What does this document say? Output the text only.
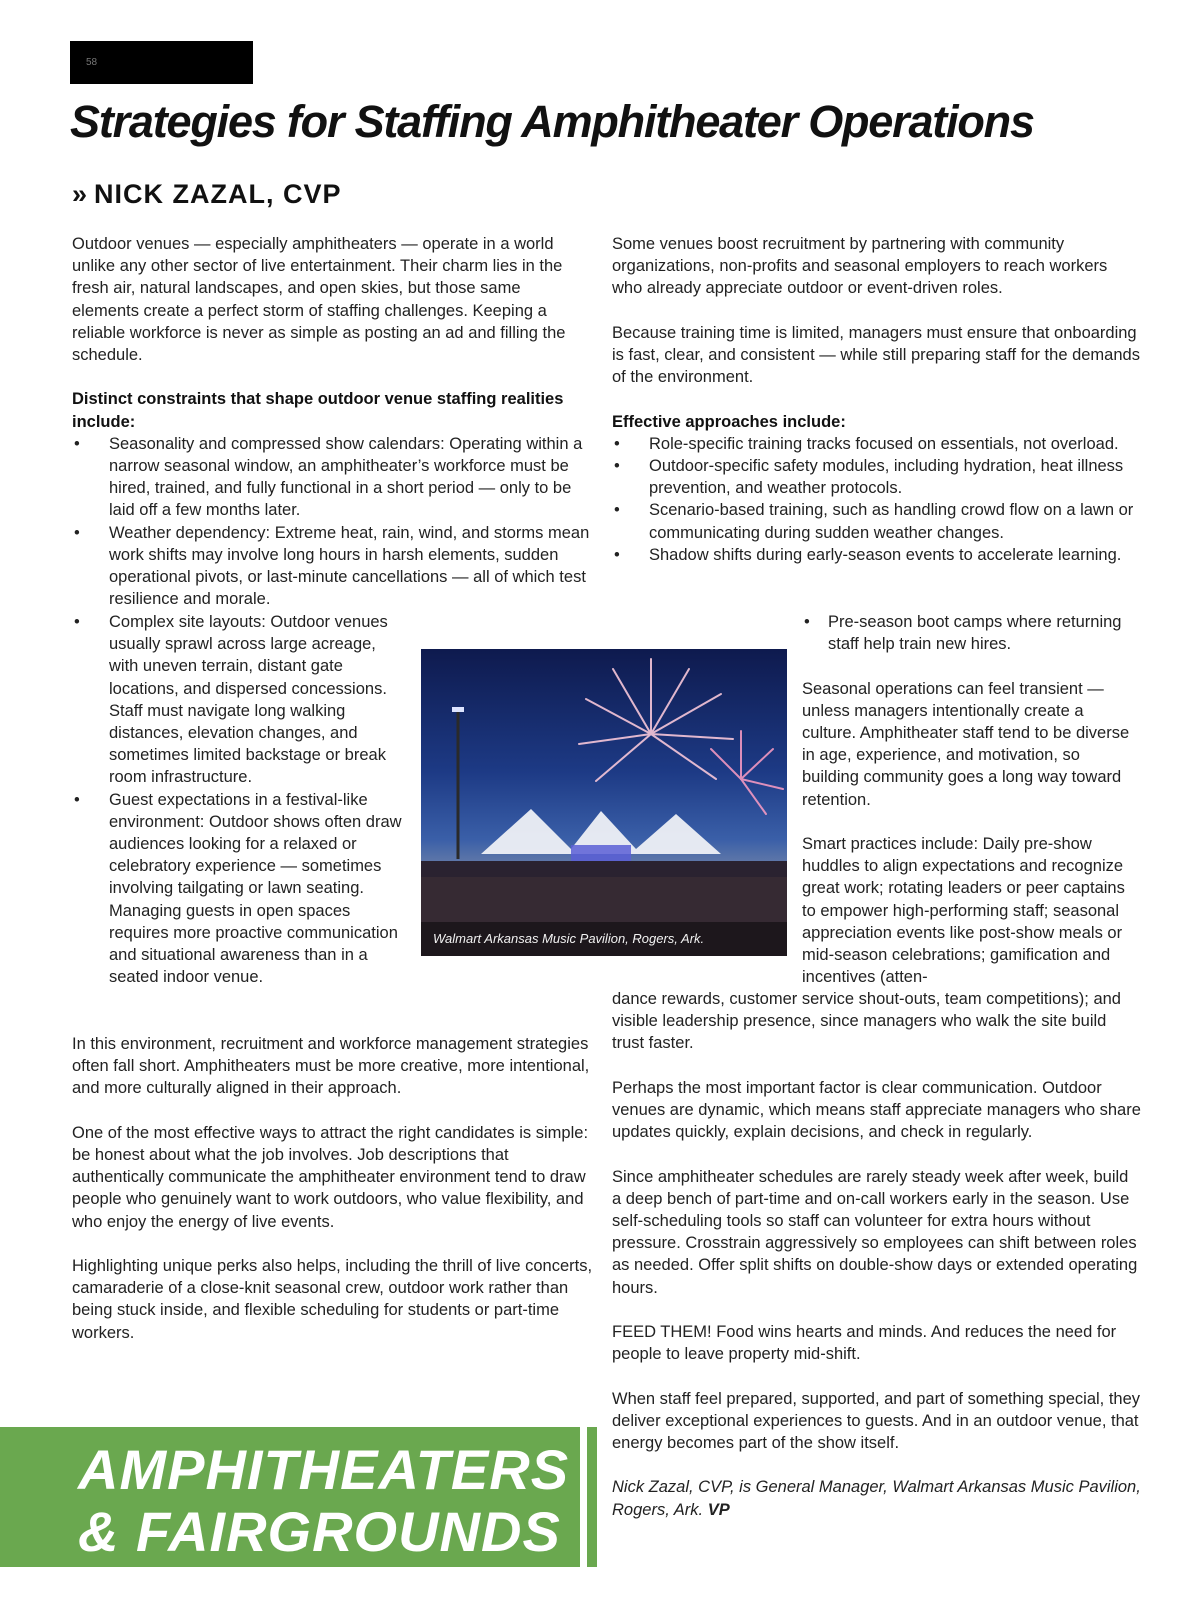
58
Strategies for Staffing Amphitheater Operations
» NICK ZAZAL, CVP

Outdoor venues — especially amphitheaters — operate in a world unlike any other sector of live entertainment. Their charm lies in the fresh air, natural landscapes, and open skies, but those same elements create a perfect storm of staffing challenges. Keeping a reliable workforce is never as simple as posting an ad and filling the schedule.

Distinct constraints that shape outdoor venue staffing realities include:
• Seasonality and compressed show calendars: Operating within a narrow seasonal window, an amphitheater’s workforce must be hired, trained, and fully functional in a short period — only to be laid off a few months later.
• Weather dependency: Extreme heat, rain, wind, and storms mean work shifts may involve long hours in harsh elements, sudden operational pivots, or last-minute cancellations — all of which test resilience and morale.
• Complex site layouts: Outdoor venues usually sprawl across large acreage, with uneven terrain, distant gate locations, and dispersed concessions. Staff must navigate long walking distances, elevation changes, and sometimes limited backstage or break room infrastructure.
• Guest expectations in a festival-like environment: Outdoor shows often draw audiences looking for a relaxed or celebratory experience — sometimes involving tailgating or lawn seating. Managing guests in open spaces requires more proactive communication and situational awareness than in a seated indoor venue.

In this environment, recruitment and workforce management strategies often fall short. Amphitheaters must be more creative, more intentional, and more culturally aligned in their approach.

One of the most effective ways to attract the right candidates is simple: be honest about what the job involves. Job descriptions that authentically communicate the amphitheater environment tend to draw people who genuinely want to work outdoors, who value flexibility, and who enjoy the energy of live events.

Highlighting unique perks also helps, including the thrill of live concerts, camaraderie of a close-knit seasonal crew, outdoor work rather than being stuck inside, and flexible scheduling for students or part-time workers.

Some venues boost recruitment by partnering with community organizations, non-profits and seasonal employers to reach workers who already appreciate outdoor or event-driven roles.

Because training time is limited, managers must ensure that onboarding is fast, clear, and consistent — while still preparing staff for the demands of the environment.

Effective approaches include:
• Role-specific training tracks focused on essentials, not overload.
• Outdoor-specific safety modules, including hydration, heat illness prevention, and weather protocols.
• Scenario-based training, such as handling crowd flow on a lawn or communicating during sudden weather changes.
• Shadow shifts during early-season events to accelerate learning.
• Pre-season boot camps where returning staff help train new hires.

Seasonal operations can feel transient — unless managers intentionally create a culture. Amphitheater staff tend to be diverse in age, experience, and motivation, so building community goes a long way toward retention.

Smart practices include: Daily pre-show huddles to align expectations and recognize great work; rotating leaders or peer captains to empower high-performing staff; seasonal appreciation events like post-show meals or mid-season celebrations; gamification and incentives (atten-

dance rewards, customer service shout-outs, team competitions); and visible leadership presence, since managers who walk the site build trust faster.

Perhaps the most important factor is clear communication. Outdoor venues are dynamic, which means staff appreciate managers who share updates quickly, explain decisions, and check in regularly.

Since amphitheater schedules are rarely steady week after week, build a deep bench of part-time and on-call workers early in the season. Use self-scheduling tools so staff can volunteer for extra hours without pressure. Crosstrain aggressively so employees can shift between roles as needed. Offer split shifts on double-show days or extended operating hours.

FEED THEM! Food wins hearts and minds. And reduces the need for people to leave property mid-shift.

When staff feel prepared, supported, and part of something special, they deliver exceptional experiences to guests. And in an outdoor venue, that energy becomes part of the show itself.

Nick Zazal, CVP, is General Manager, Walmart Arkansas Music Pavilion, Rogers, Ark. VP

Walmart Arkansas Music Pavilion, Rogers, Ark.
AMPHITHEATERS
& FAIRGROUNDS
